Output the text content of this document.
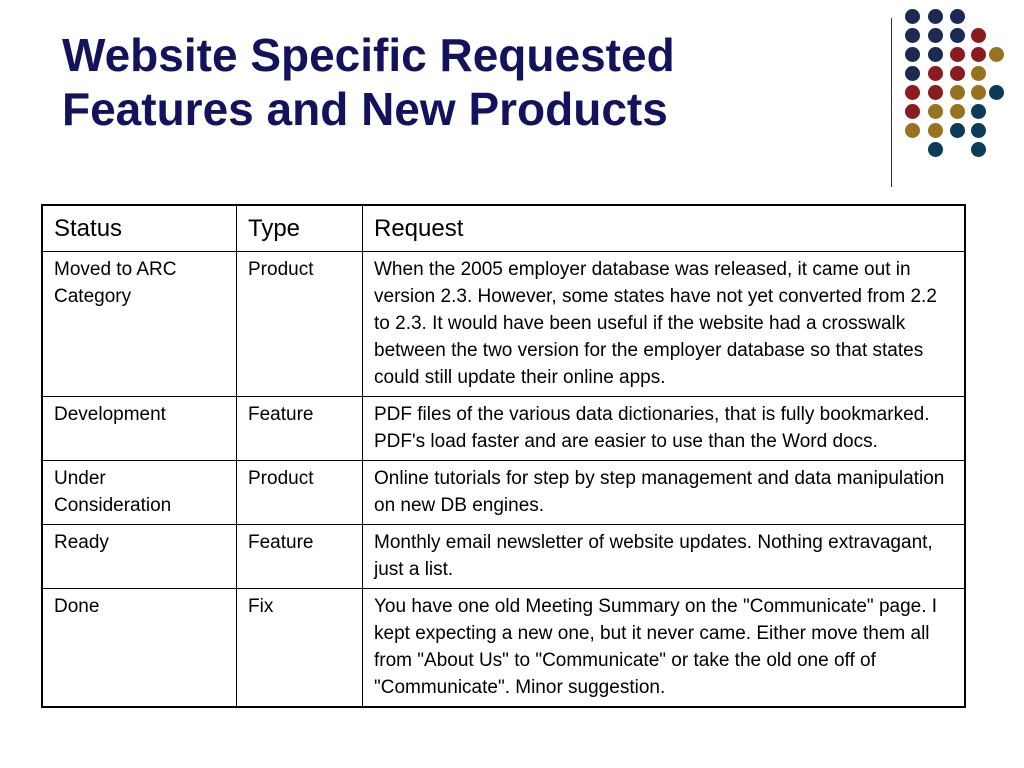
Website Specific Requested
Features and New Products
Status	Type	Request
Moved to ARC Category	Product	When the 2005 employer database was released, it came out in version 2.3. However, some states have not yet converted from 2.2 to 2.3. It would have been useful if the website had a crosswalk between the two version for the employer database so that states could still update their online apps.
Development	Feature	PDF files of the various data dictionaries, that is fully bookmarked. PDF's load faster and are easier to use than the Word docs.
Under Consideration	Product	Online tutorials for step by step management and data manipulation on new DB engines.
Ready	Feature	Monthly email newsletter of website updates. Nothing extravagant, just a list.
Done	Fix	You have one old Meeting Summary on the "Communicate" page. I kept expecting a new one, but it never came. Either move them all from "About Us" to "Communicate" or take the old one off of "Communicate". Minor suggestion.
